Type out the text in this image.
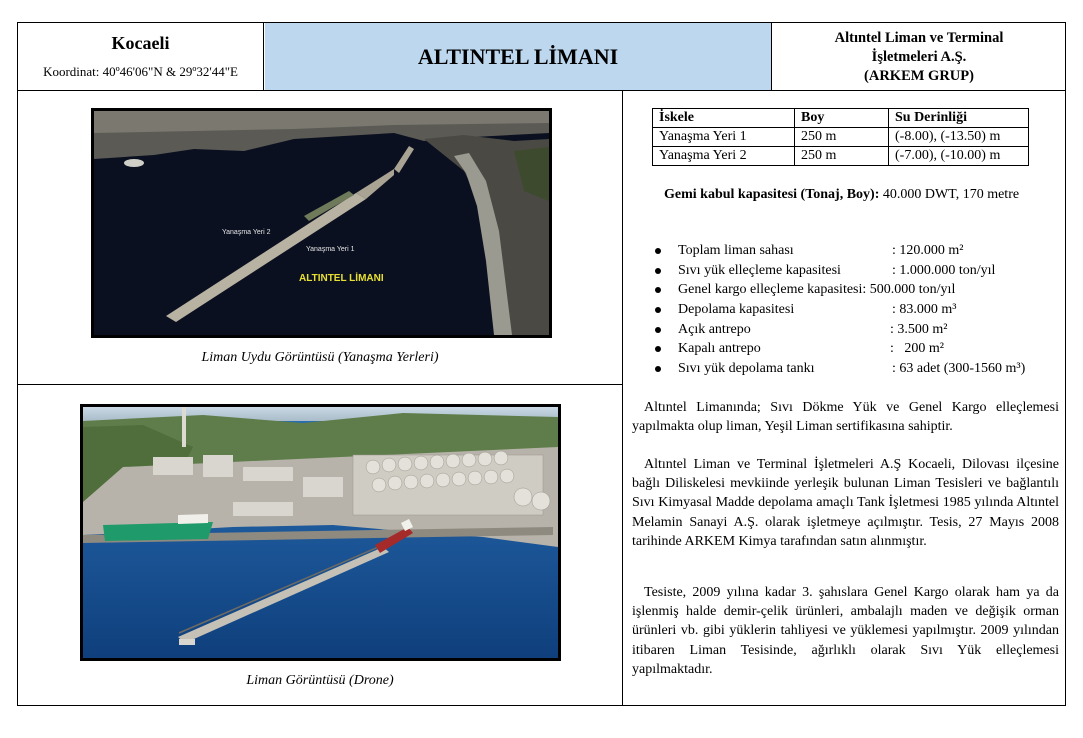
Kocaeli
Koordinat: 40º46'06"N & 29º32'44"E
ALTINTEL LİMANI
Altıntel Liman ve Terminal
İşletmeleri A.Ş.
(ARKEM GRUP)
Yanaşma Yeri 2
Yanaşma Yeri 1
ALTINTEL LİMANI
Liman Uydu Görüntüsü (Yanaşma Yerleri)
Liman Görüntüsü (Drone)
İskele	Boy	Su Derinliği
Yanaşma Yeri 1	250 m	(-8.00), (-13.50) m
Yanaşma Yeri 2	250 m	(-7.00), (-10.00) m
Gemi kabul kapasitesi (Tonaj, Boy): 40.000 DWT, 170 metre
Toplam liman sahası	: 120.000 m²
Sıvı yük elleçleme kapasitesi	: 1.000.000 ton/yıl
Genel kargo elleçleme kapasitesi: 500.000 ton/yıl
Depolama kapasitesi	: 83.000 m³
Açık antrepo	: 3.500 m²
Kapalı antrepo	:   200 m²
Sıvı yük depolama tankı	: 63 adet (300-1560 m³)

Altıntel Limanında; Sıvı Dökme Yük ve Genel Kargo elleçlemesi yapılmakta olup liman, Yeşil Liman sertifikasına sahiptir.

Altıntel Liman ve Terminal İşletmeleri A.Ş Kocaeli, Dilovası ilçesine bağlı Diliskelesi mevkiinde yerleşik bulunan Liman Tesisleri ve bağlantılı Sıvı Kimyasal Madde depolama amaçlı Tank İşletmesi 1985 yılında Altıntel Melamin Sanayi A.Ş. olarak işletmeye açılmıştır. Tesis, 27 Mayıs 2008 tarihinde ARKEM Kimya tarafından satın alınmıştır.

Tesiste, 2009 yılına kadar 3. şahıslara Genel Kargo olarak ham ya da işlenmiş halde demir-çelik ürünleri, ambalajlı maden ve değişik orman ürünleri vb. gibi yüklerin tahliyesi ve yüklemesi yapılmıştır. 2009 yılından itibaren Liman Tesisinde, ağırlıklı olarak Sıvı Yük elleçlemesi yapılmaktadır.
